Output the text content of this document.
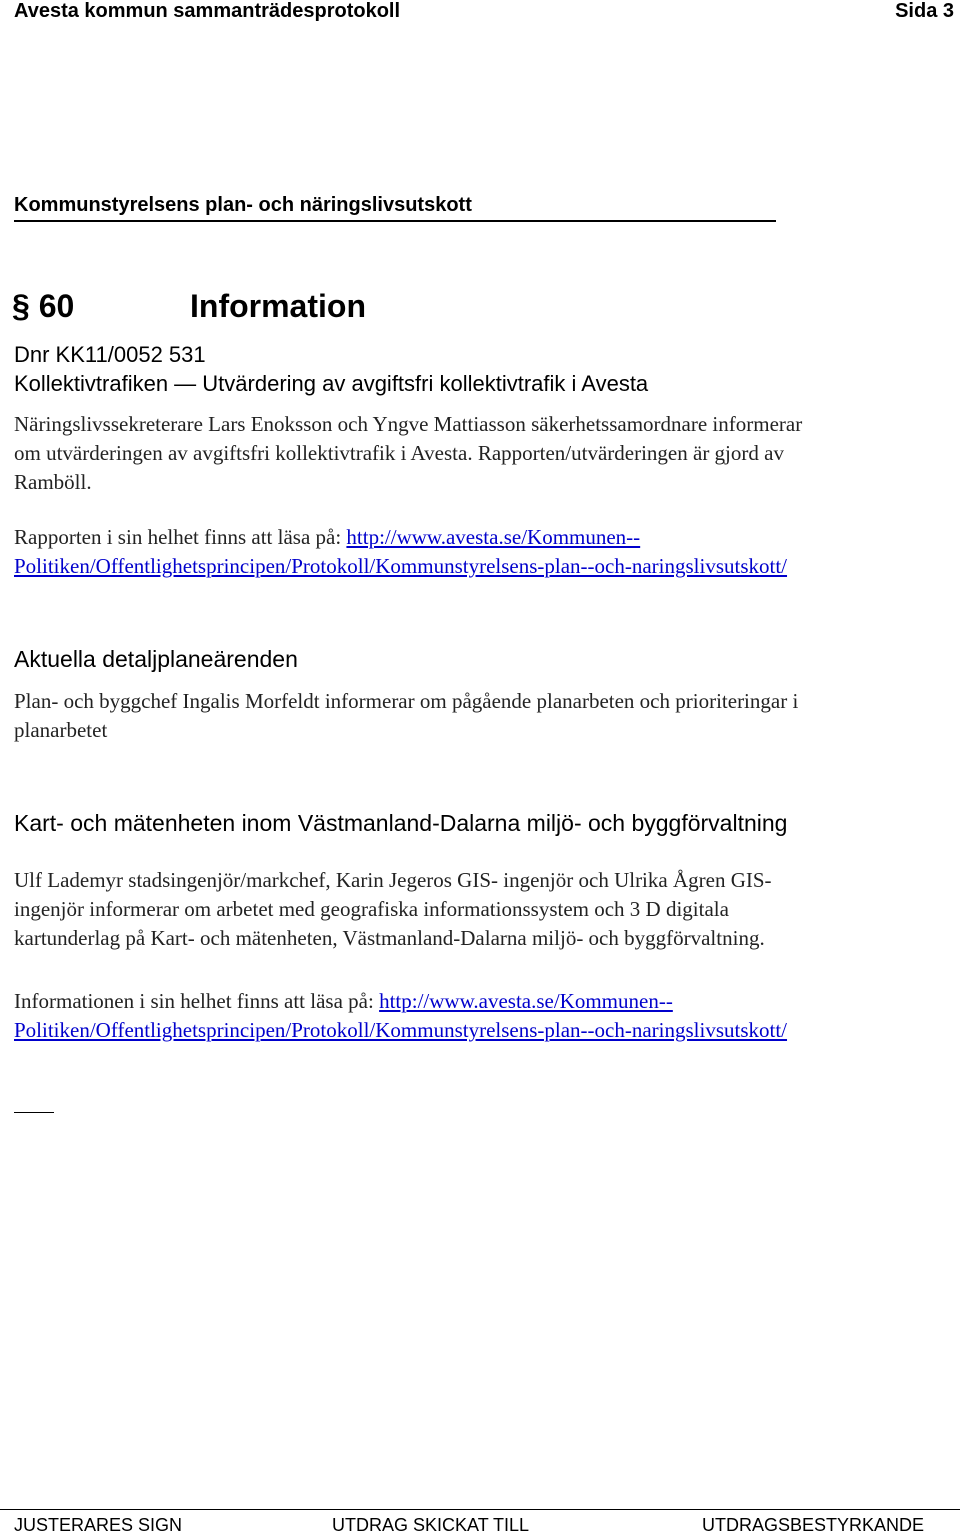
Avesta kommun sammanträdesprotokoll	Sida 3
Kommunstyrelsens plan- och näringslivsutskott
§ 60	Information
Dnr KK11/0052 531
Kollektivtrafiken — Utvärdering av avgiftsfri kollektivtrafik i Avesta
Näringslivssekreterare Lars Enoksson och Yngve Mattiasson säkerhetssamordnare informerar
om utvärderingen av avgiftsfri kollektivtrafik i Avesta. Rapporten/utvärderingen är gjord av
Ramböll.
Rapporten i sin helhet finns att läsa på: http://www.avesta.se/Kommunen--
Politiken/Offentlighetsprincipen/Protokoll/Kommunstyrelsens-plan--och-naringslivsutskott/
Aktuella detaljplaneärenden
Plan- och byggchef Ingalis Morfeldt informerar om pågående planarbeten och prioriteringar i
planarbetet
Kart- och mätenheten inom Västmanland-Dalarna miljö- och byggförvaltning
Ulf Lademyr stadsingenjör/markchef, Karin Jegeros GIS- ingenjör och Ulrika Ågren GIS-
ingenjör informerar om arbetet med geografiska informationssystem och 3 D digitala
kartunderlag på Kart- och mätenheten, Västmanland-Dalarna miljö- och byggförvaltning.
Informationen i sin helhet finns att läsa på: http://www.avesta.se/Kommunen--
Politiken/Offentlighetsprincipen/Protokoll/Kommunstyrelsens-plan--och-naringslivsutskott/
JUSTERARES SIGN	UTDRAG SKICKAT TILL	UTDRAGSBESTYRKANDE
